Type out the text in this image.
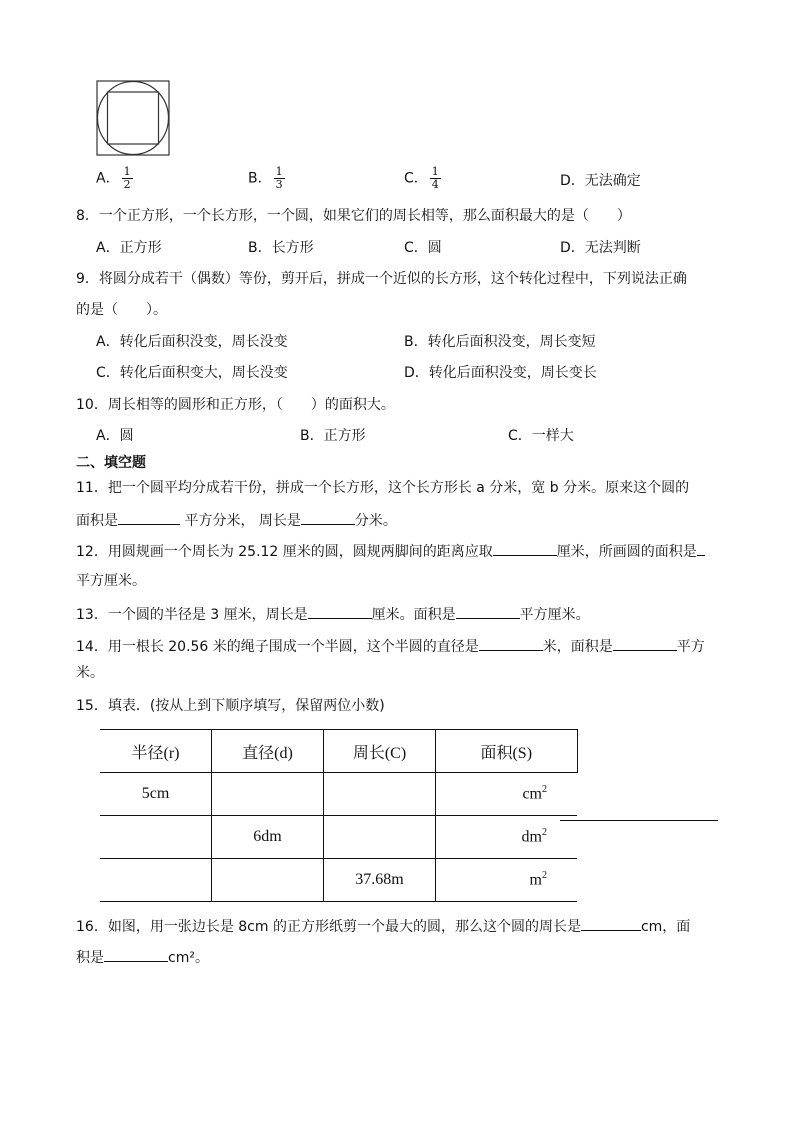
A． $\frac{1}{2}$	B． $\frac{1}{3}$	C． $\frac{1}{4}$	D．无法确定
8．一个正方形，一个长方形，一个圆，如果它们的周长相等，那么面积最大的是（　　）
A．正方形	B．长方形	C．圆	D．无法判断
9．将圆分成若干（偶数）等份，剪开后，拼成一个近似的长方形，这个转化过程中，下列说法正确
的是（　　）。
A．转化后面积没变，周长没变	B．转化后面积没变，周长变短
C．转化后面积变大，周长没变	D．转化后面积没变，周长变长
10．周长相等的圆形和正方形，（　　）的面积大。
A．圆	B．正方形	C．一样大
二、填空题
11．把一个圆平均分成若干份，拼成一个长方形，这个长方形长 a 分米，宽 b 分米。原来这个圆的
面积是	平方分米， 周长是	分米。
12．用圆规画一个周长为 25.12 厘米的圆，圆规两脚间的距离应取	厘米，所画圆的面积是
平方厘米。
13．一个圆的半径是 3 厘米，周长是	厘米。面积是	平方厘米。
14．用一根长 20.56 米的绳子围成一个半圆，这个半圆的直径是	米，面积是	平方
米。
15．填表．(按从上到下顺序填写，保留两位小数)
半径(r)	直径(d)	周长(C)	面积(S)
5cm			$cm^2$
	6dm		$dm^2$
		37.68m	$m^2$
16．如图，用一张边长是 8cm 的正方形纸剪一个最大的圆，那么这个圆的周长是	cm，面
积是	cm²。
